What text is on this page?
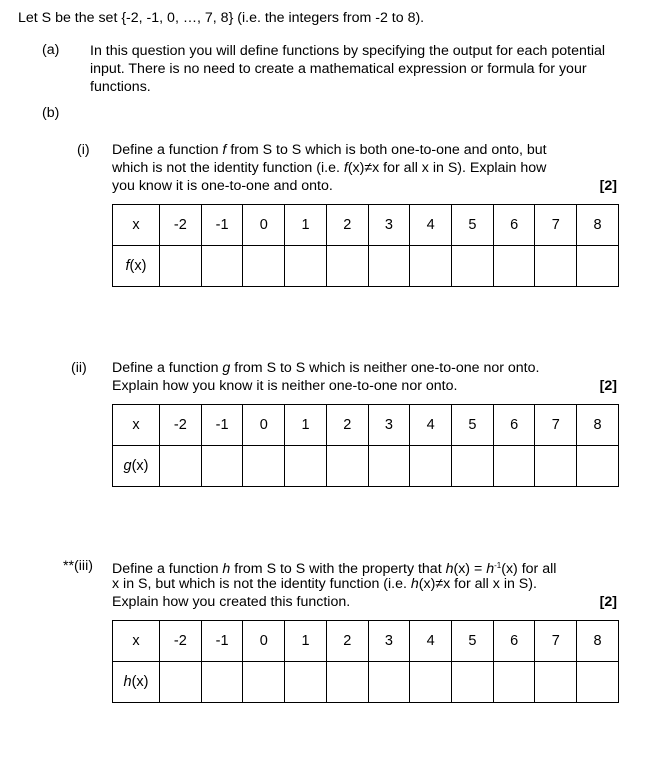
Let S be the set {-2, -1, 0, …, 7, 8} (i.e. the integers from -2 to 8).
(a) In this question you will define functions by specifying the output for each potential
input. There is no need to create a mathematical expression or formula for your
functions.
(b)
(i) Define a function f from S to S which is both one-to-one and onto, but
which is not the identity function (i.e. f(x)≠x for all x in S). Explain how
you know it is one-to-one and onto.	[2]
x	-2	-1	0	1	2	3	4	5	6	7	8
f(x)											
(ii) Define a function g from S to S which is neither one-to-one nor onto.
Explain how you know it is neither one-to-one nor onto.	[2]
x	-2	-1	0	1	2	3	4	5	6	7	8
g(x)											
**(iii) Define a function h from S to S with the property that $h(x) = h^{-1}(x)$ for all
x in S, but which is not the identity function (i.e. h(x)≠x for all x in S).
Explain how you created this function.	[2]
x	-2	-1	0	1	2	3	4	5	6	7	8
h(x)											
